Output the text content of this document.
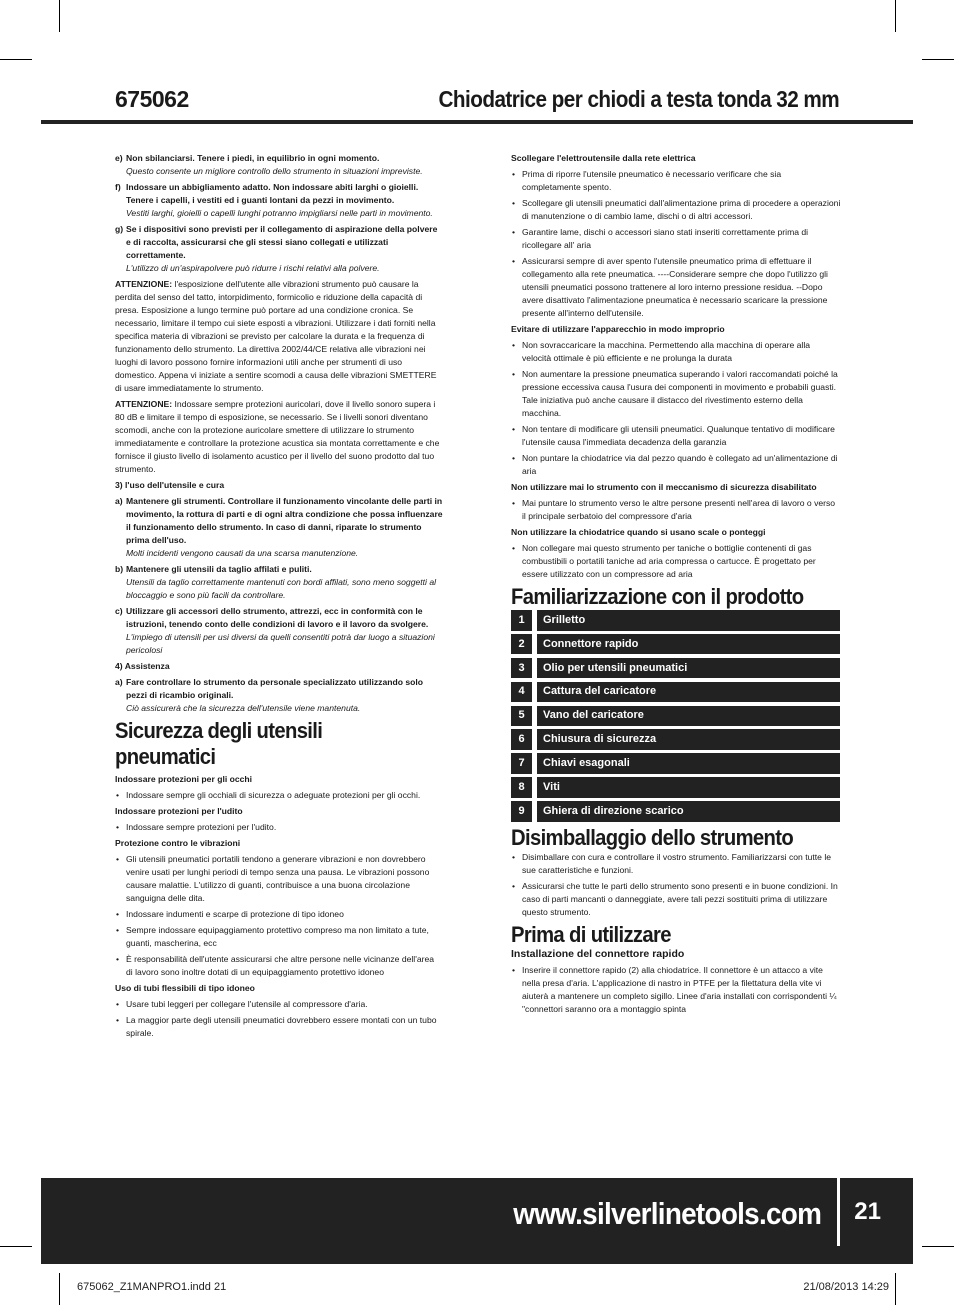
675062	Chiodatrice per chiodi a testa tonda 32 mm
e) Non sbilanciarsi. Tenere i piedi, in equilibrio in ogni momento.
Questo consente un migliore controllo dello strumento in situazioni impreviste.
f) Indossare un abbigliamento adatto. Non indossare abiti larghi o gioielli. Tenere i capelli, i vestiti ed i guanti lontani da pezzi in movimento.
Vestiti larghi, gioielli o capelli lunghi potranno impigliarsi nelle parti in movimento.
g) Se i dispositivi sono previsti per il collegamento di aspirazione della polvere e di raccolta, assicurarsi che gli stessi siano collegati e utilizzati correttamente.
L'utilizzo di un'aspirapolvere può ridurre i rischi relativi alla polvere.

ATTENZIONE: l'esposizione dell'utente alle vibrazioni strumento può causare la perdita del senso del tatto, intorpidimento, formicolio e riduzione della capacità di presa. Esposizione a lungo termine può portare ad una condizione cronica. Se necessario, limitare il tempo cui siete esposti a vibrazioni. Utilizzare i dati forniti nella specifica materia di vibrazioni se previsto per calcolare la durata e la frequenza di funzionamento dello strumento. La direttiva 2002/44/CE relativa alle vibrazioni nei luoghi di lavoro possono fornire informazioni utili anche per strumenti di uso domestico. Appena vi iniziate a sentire scomodi a causa delle vibrazioni SMETTERE di usare immediatamente lo strumento.

ATTENZIONE: Indossare sempre protezioni auricolari, dove il livello sonoro supera i 80 dB e limitare il tempo di esposizione, se necessario. Se i livelli sonori diventano scomodi, anche con la protezione auricolare smettere di utilizzare lo strumento immediatamente e controllare la protezione acustica sia montata correttamente e che fornisce il giusto livello di isolamento acustico per il livello del suono prodotto dal tuo strumento.

3) l'uso dell'utensile e cura
a) Mantenere gli strumenti. Controllare il funzionamento vincolante delle parti in movimento, la rottura di parti e di ogni altra condizione che possa influenzare il funzionamento dello strumento. In caso di danni, riparate lo strumento prima dell'uso.
Molti incidenti vengono causati da una scarsa manutenzione.
b) Mantenere gli utensili da taglio affilati e puliti.
Utensili da taglio correttamente mantenuti con bordi affilati, sono meno soggetti al bloccaggio e sono più facili da controllare.
c) Utilizzare gli accessori dello strumento, attrezzi, ecc in conformità con le istruzioni, tenendo conto delle condizioni di lavoro e il lavoro da svolgere.
L'impiego di utensili per usi diversi da quelli consentiti potrà dar luogo a situazioni pericolosi
4) Assistenza
a) Fare controllare lo strumento da personale specializzato utilizzando solo pezzi di ricambio originali.
Ciò assicurerà che la sicurezza dell'utensile viene mantenuta.
Sicurezza degli utensili pneumatici
Indossare protezioni per gli occhi
• Indossare sempre gli occhiali di sicurezza o adeguate protezioni per gli occhi.
Indossare protezioni per l'udito
• Indossare sempre protezioni per l'udito.
Protezione contro le vibrazioni
• Gli utensili pneumatici portatili tendono a generare vibrazioni e non dovrebbero venire usati per lunghi periodi di tempo senza una pausa. Le vibrazioni possono causare malattie. L'utilizzo di guanti, contribuisce a una buona circolazione sanguigna delle dita.
• Indossare indumenti e scarpe di protezione di tipo idoneo
• Sempre indossare equipaggiamento protettivo compreso ma non limitato a tute, guanti, mascherina, ecc
• È responsabilità dell'utente assicurarsi che altre persone nelle vicinanze dell'area di lavoro sono inoltre dotati di un equipaggiamento protettivo idoneo
Uso di tubi flessibili di tipo idoneo
• Usare tubi leggeri per collegare l'utensile al compressore d'aria.
• La maggior parte degli utensili pneumatici dovrebbero essere montati con un tubo spirale.
Scollegare l'elettroutensile dalla rete elettrica
• Prima di riporre l'utensile pneumatico è necessario verificare che sia completamente spento.
• Scollegare gli utensili pneumatici dall'alimentazione prima di procedere a operazioni di manutenzione o di cambio lame, dischi o di altri accessori.
• Garantire lame, dischi o accessori siano stati inseriti correttamente prima di ricollegare all' aria
• Assicurarsi sempre di aver spento l'utensile pneumatico prima di effettuare il collegamento alla rete pneumatica. ----Considerare sempre che dopo l'utilizzo gli utensili pneumatici possono trattenere al loro interno pressione residua. --Dopo avere disattivato l'alimentazione pneumatica è necessario scaricare la pressione presente all'interno dell'utensile.
Evitare di utilizzare l'apparecchio in modo improprio
• Non sovraccaricare la macchina. Permettendo alla macchina di operare alla velocità ottimale è più efficiente e ne prolunga la durata
• Non aumentare la pressione pneumatica superando i valori raccomandati poiché la pressione eccessiva causa l'usura dei componenti in movimento e probabili guasti. Tale iniziativa può anche causare il distacco del rivestimento esterno della macchina.
• Non tentare di modificare gli utensili pneumatici. Qualunque tentativo di modificare l'utensile causa l'immediata decadenza della garanzia
• Non puntare la chiodatrice via dal pezzo quando è collegato ad un'alimentazione di aria
Non utilizzare mai lo strumento con il meccanismo di sicurezza disabilitato
• Mai puntare lo strumento verso le altre persone presenti nell'area di lavoro o verso il principale serbatoio del compressore d'aria
Non utilizzare la chiodatrice quando si usano scale o ponteggi
• Non collegare mai questo strumento per taniche o bottiglie contenenti di gas combustibili o portatili taniche ad aria compressa o cartucce. È progettato per essere utilizzato con un compressore ad aria
Familiarizzazione con il prodotto
1	Grilletto
2	Connettore rapido
3	Olio per utensili pneumatici
4	Cattura del caricatore
5	Vano del caricatore
6	Chiusura di sicurezza
7	Chiavi esagonali
8	Viti
9	Ghiera di direzione scarico
Disimballaggio dello strumento
• Disimballare con cura e controllare il vostro strumento. Familiarizzarsi con tutte le sue caratteristiche e funzioni.
• Assicurarsi che tutte le parti dello strumento sono presenti e in buone condizioni. In caso di parti mancanti o danneggiate, avere tali pezzi sostituiti prima di utilizzare questo strumento.
Prima di utilizzare
Installazione del connettore rapido
• Inserire il connettore rapido (2) alla chiodatrice. Il connettore è un attacco a vite nella presa d'aria. L'applicazione di nastro in PTFE per la filettatura della vite vi aiuterà a mantenere un completo sigillo. Linee d'aria installati con corrispondenti ¼ "connettori saranno ora a montaggio spinta
www.silverlinetools.com 21
675062_Z1MANPRO1.indd 21	21/08/2013 14:29
